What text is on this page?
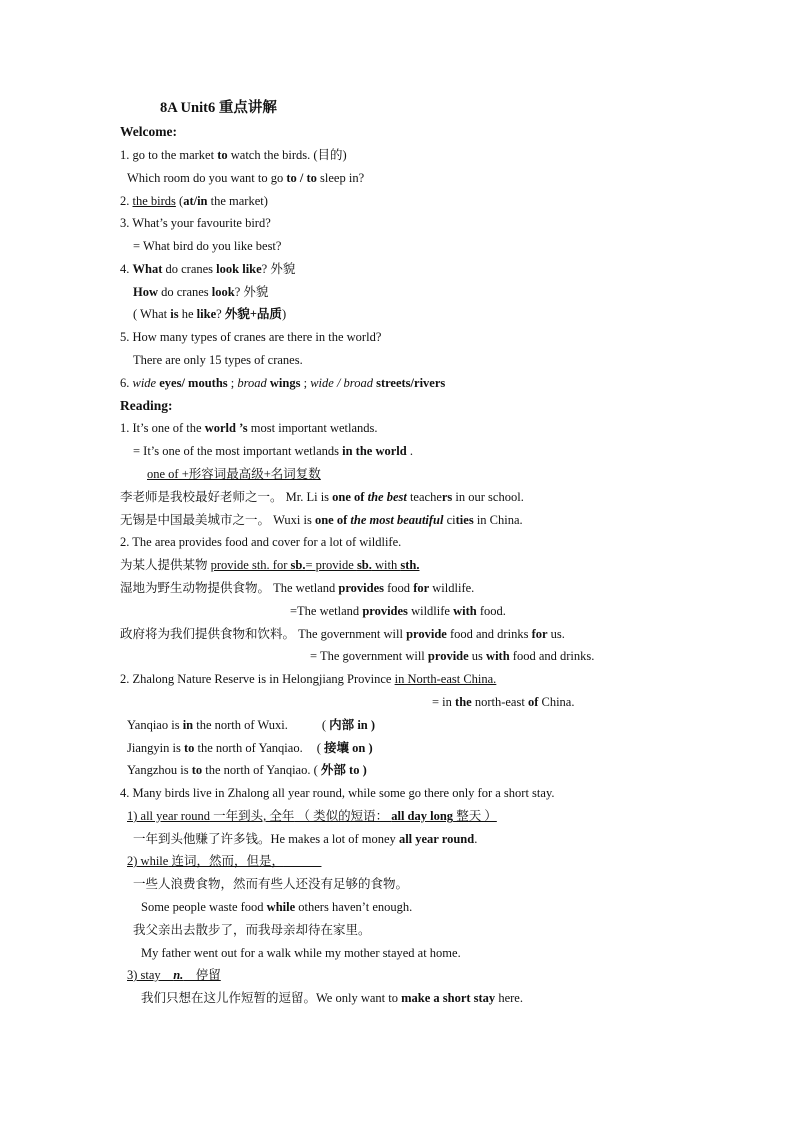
8A Unit6 重点讲解
Welcome:
1. go to the market to watch the birds. (目的)
Which room do you want to go to / to sleep in?
2. the birds (at/in the market)
3. What’s your favourite bird?
= What bird do you like best?
4. What do cranes look like? 外貌
How do cranes look? 外貌
( What is he like? 外貌+品质)
5. How many types of cranes are there in the world?
There are only 15 types of cranes.
6. wide eyes/ mouths ; broad wings ; wide / broad streets/rivers
Reading:
1. It’s one of the world ’s most important wetlands.
= It’s one of the most important wetlands in the world .
one of +形容词最高级+名词复数
李老师是我校最好老师之一。 Mr. Li is one of the best teachers in our school.
无锡是中国最美城市之一。 Wuxi is one of the most beautiful cities in China.
2. The area provides food and cover for a lot of wildlife.
为某人提供某物 provide sth. for sb.= provide sb. with sth.
湿地为野生动物提供食物。 The wetland provides food for wildlife.
=The wetland provides wildlife with food.
政府将为我们提供食物和饮料。 The government will provide food and drinks for us.
= The government will provide us with food and drinks.
2. Zhalong Nature Reserve is in Helongjiang Province in North-east China.
= in the north-east of China.
Yanqiao is in the north of Wuxi.	( 内部 in )
Jiangyin is to the north of Yanqiao. ( 接壤 on )
Yangzhou is to the north of Yanqiao. ( 外部 to )
4. Many birds live in Zhalong all year round, while some go there only for a short stay.
1) all year round 一年到头, 全年 （ 类似的短语： all day long 整天 ）
一年到头他赚了许多钱。He makes a lot of money all year round.
2) while 连词，然而，但是，
一些人浪费食物，然而有些人还没有足够的食物。
Some people waste food while others haven’t enough.
我父亲出去散步了，而我母亲却待在家里。
My father went out for a walk while my mother stayed at home.
3) stay    n.    停留
我们只想在这儿作短暂的逗留。We only want to make a short stay here.
